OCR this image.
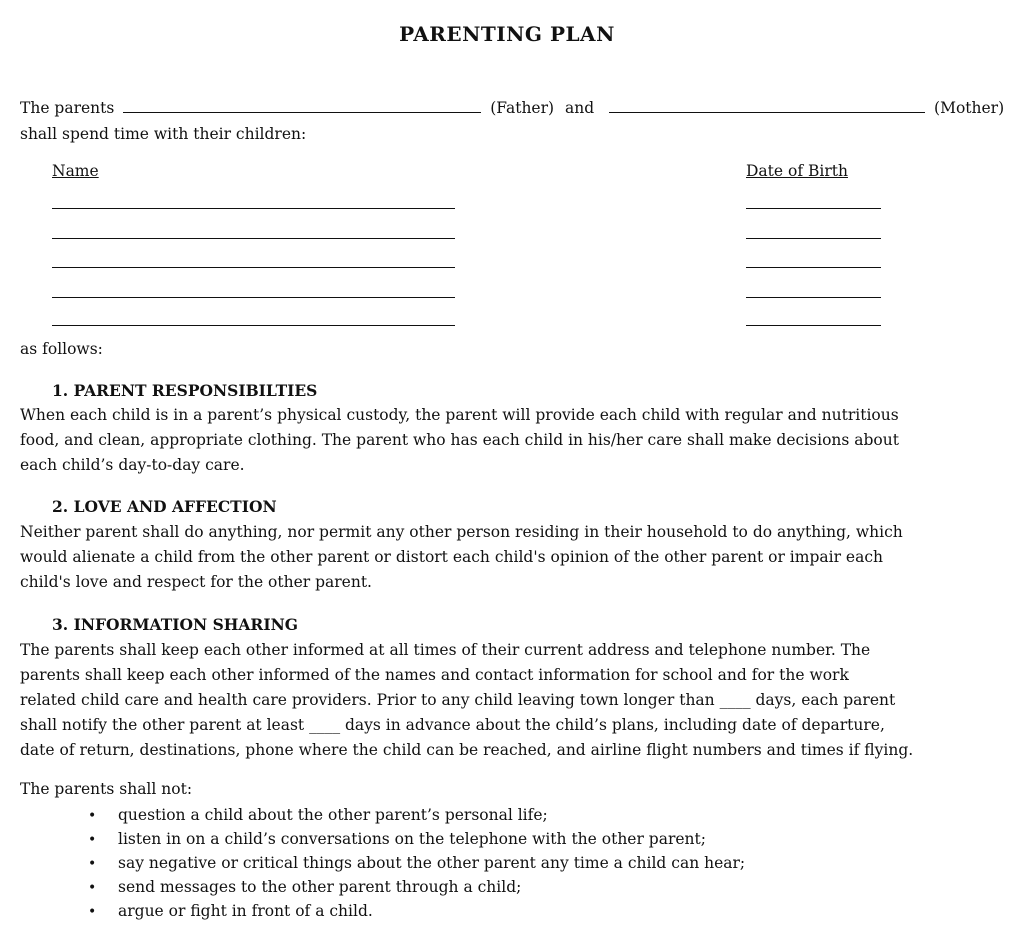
PARENTING PLAN
The parents	(Father) and	(Mother)
shall spend time with their children:
Name	Date of Birth
as follows:
1. PARENT RESPONSIBILTIES
When each child is in a parent’s physical custody, the parent will provide each child with regular and nutritious
food, and clean, appropriate clothing. The parent who has each child in his/her care shall make decisions about
each child’s day-to-day care.
2. LOVE AND AFFECTION
Neither parent shall do anything, nor permit any other person residing in their household to do anything, which
would alienate a child from the other parent or distort each child's opinion of the other parent or impair each
child's love and respect for the other parent.
3. INFORMATION SHARING
The parents shall keep each other informed at all times of their current address and telephone number. The
parents shall keep each other informed of the names and contact information for school and for the work
related child care and health care providers. Prior to any child leaving town longer than ____ days, each parent
shall notify the other parent at least ____ days in advance about the child’s plans, including date of departure,
date of return, destinations, phone where the child can be reached, and airline flight numbers and times if flying.
The parents shall not:
• question a child about the other parent’s personal life;
• listen in on a child’s conversations on the telephone with the other parent;
• say negative or critical things about the other parent any time a child can hear;
• send messages to the other parent through a child;
• argue or fight in front of a child.
